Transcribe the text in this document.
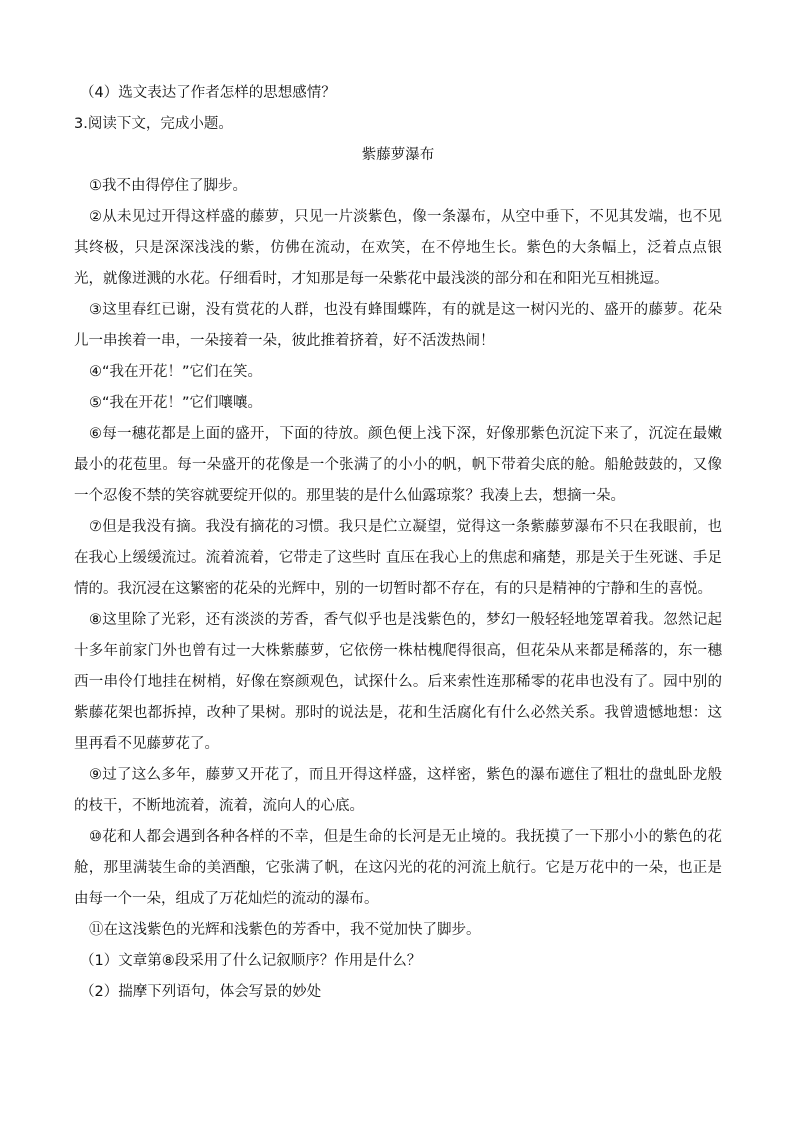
（4）选文表达了作者怎样的思想感情？
3.阅读下文，完成小题。
紫藤萝瀑布

①我不由得停住了脚步。

②从未见过开得这样盛的藤萝，只见一片淡紫色，像一条瀑布，从空中垂下，不见其发端，也不见其终极，只是深深浅浅的紫，仿佛在流动，在欢笑，在不停地生长。紫色的大条幅上，泛着点点银光，就像迸溅的水花。仔细看时，才知那是每一朵紫花中最浅淡的部分和在和阳光互相挑逗。

③这里春红已谢，没有赏花的人群，也没有蜂围蝶阵，有的就是这一树闪光的、盛开的藤萝。花朵儿一串挨着一串，一朵接着一朵，彼此推着挤着，好不活泼热闹！

④“我在开花！”它们在笑。

⑤“我在开花！”它们嚷嚷。

⑥每一穗花都是上面的盛开，下面的待放。颜色便上浅下深，好像那紫色沉淀下来了，沉淀在最嫩最小的花苞里。每一朵盛开的花像是一个张满了的小小的帆，帆下带着尖底的舱。船舱鼓鼓的，又像一个忍俊不禁的笑容就要绽开似的。那里装的是什么仙露琼浆？我凑上去，想摘一朵。

⑦但是我没有摘。我没有摘花的习惯。我只是伫立凝望，觉得这一条紫藤萝瀑布不只在我眼前，也在我心上缓缓流过。流着流着，它带走了这些时 直压在我心上的焦虑和痛楚，那是关于生死谜、手足情的。我沉浸在这繁密的花朵的光辉中，别的一切暂时都不存在，有的只是精神的宁静和生的喜悦。

⑧这里除了光彩，还有淡淡的芳香，香气似乎也是浅紫色的，梦幻一般轻轻地笼罩着我。忽然记起十多年前家门外也曾有过一大株紫藤萝，它依傍一株枯槐爬得很高，但花朵从来都是稀落的，东一穗西一串伶仃地挂在树梢，好像在察颜观色，试探什么。后来索性连那稀零的花串也没有了。园中别的紫藤花架也都拆掉，改种了果树。那时的说法是，花和生活腐化有什么必然关系。我曾遗憾地想：这里再看不见藤萝花了。

⑨过了这么多年，藤萝又开花了，而且开得这样盛，这样密，紫色的瀑布遮住了粗壮的盘虬卧龙般的枝干，不断地流着，流着，流向人的心底。

⑩花和人都会遇到各种各样的不幸，但是生命的长河是无止境的。我抚摸了一下那小小的紫色的花舱，那里满装生命的美酒酿，它张满了帆，在这闪光的花的河流上航行。它是万花中的一朵，也正是由每一个一朵，组成了万花灿烂的流动的瀑布。

⑪在这浅紫色的光辉和浅紫色的芳香中，我不觉加快了脚步。

（1）文章第⑧段采用了什么记叙顺序？作用是什么？
（2）揣摩下列语句，体会写景的妙处
